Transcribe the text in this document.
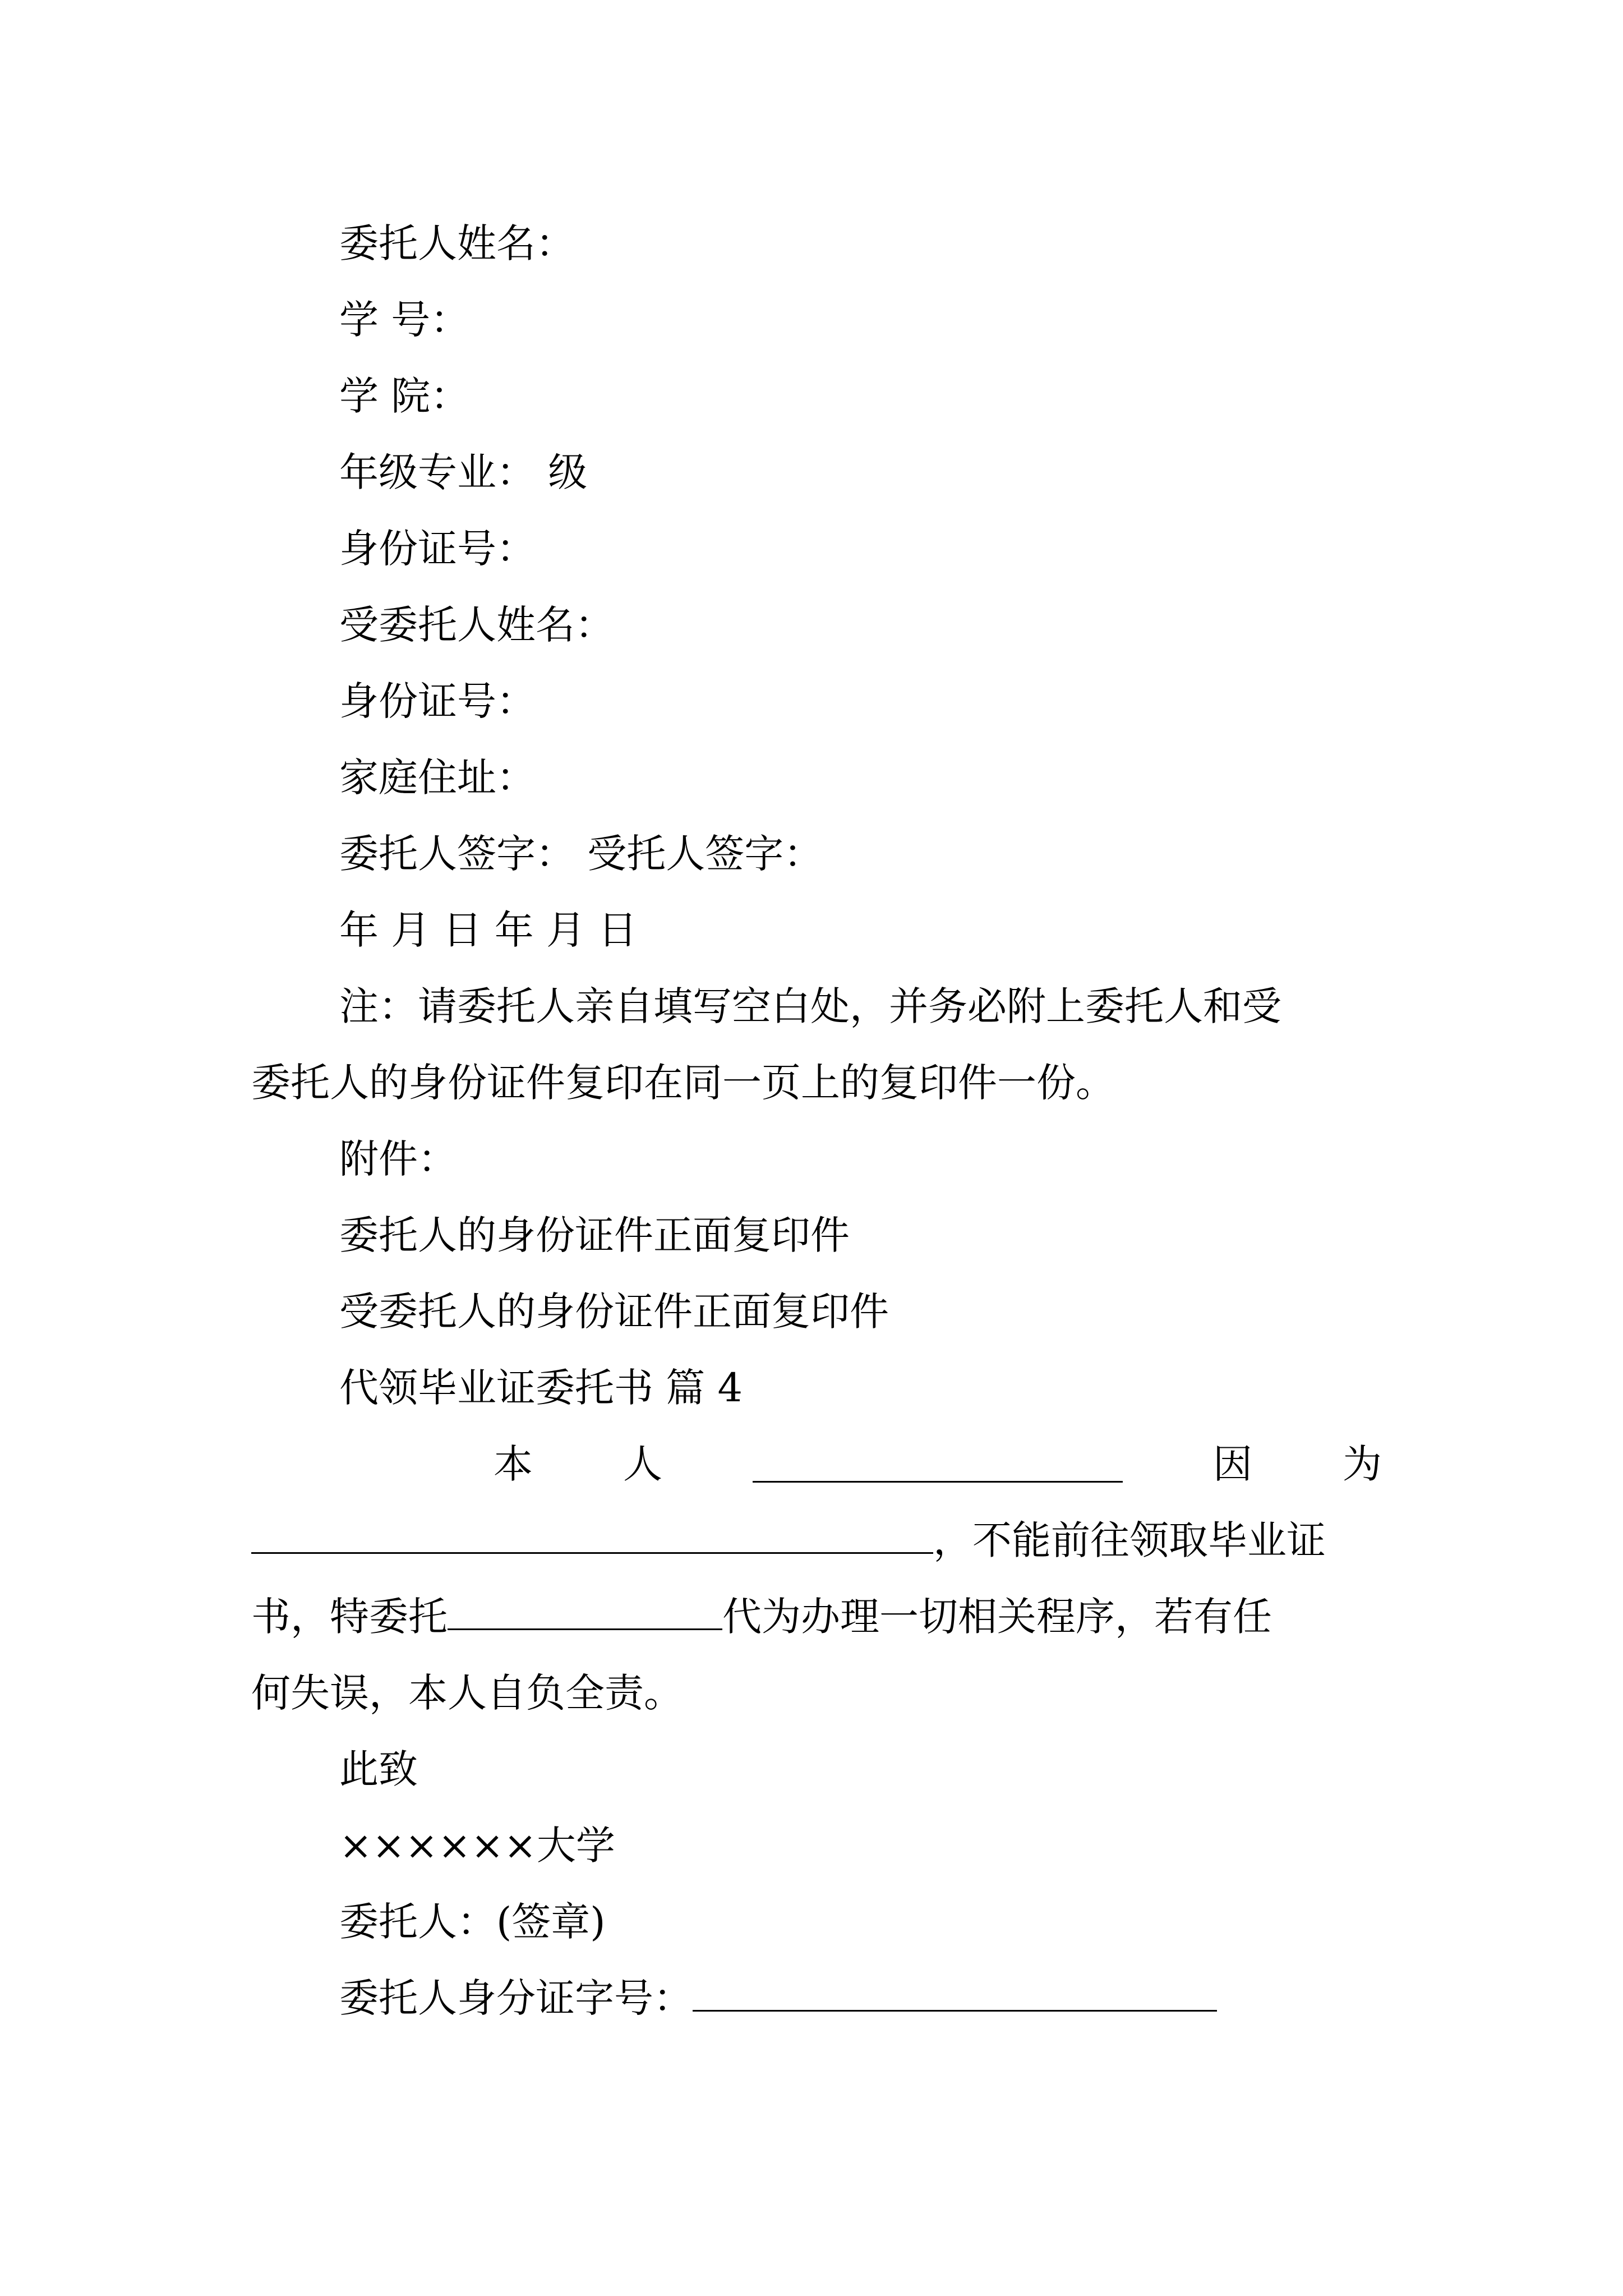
委托人姓名：
学 号：
学 院：
年级专业： 级
身份证号：
受委托人姓名：
身份证号：
家庭住址：
委托人签字： 受托人签字：
年 月 日 年 月 日
注：请委托人亲自填写空白处，并务必附上委托人和受
委托人的身份证件复印在同一页上的复印件一份。
附件：
委托人的身份证件正面复印件
受委托人的身份证件正面复印件
代领毕业证委托书 篇 4
本 人	因 为
，不能前往领取毕业证
书，特委托	代为办理一切相关程序，若有任
何失误，本人自负全责。
此致
××××××大学
委托人：(签章)
委托人身分证字号：
